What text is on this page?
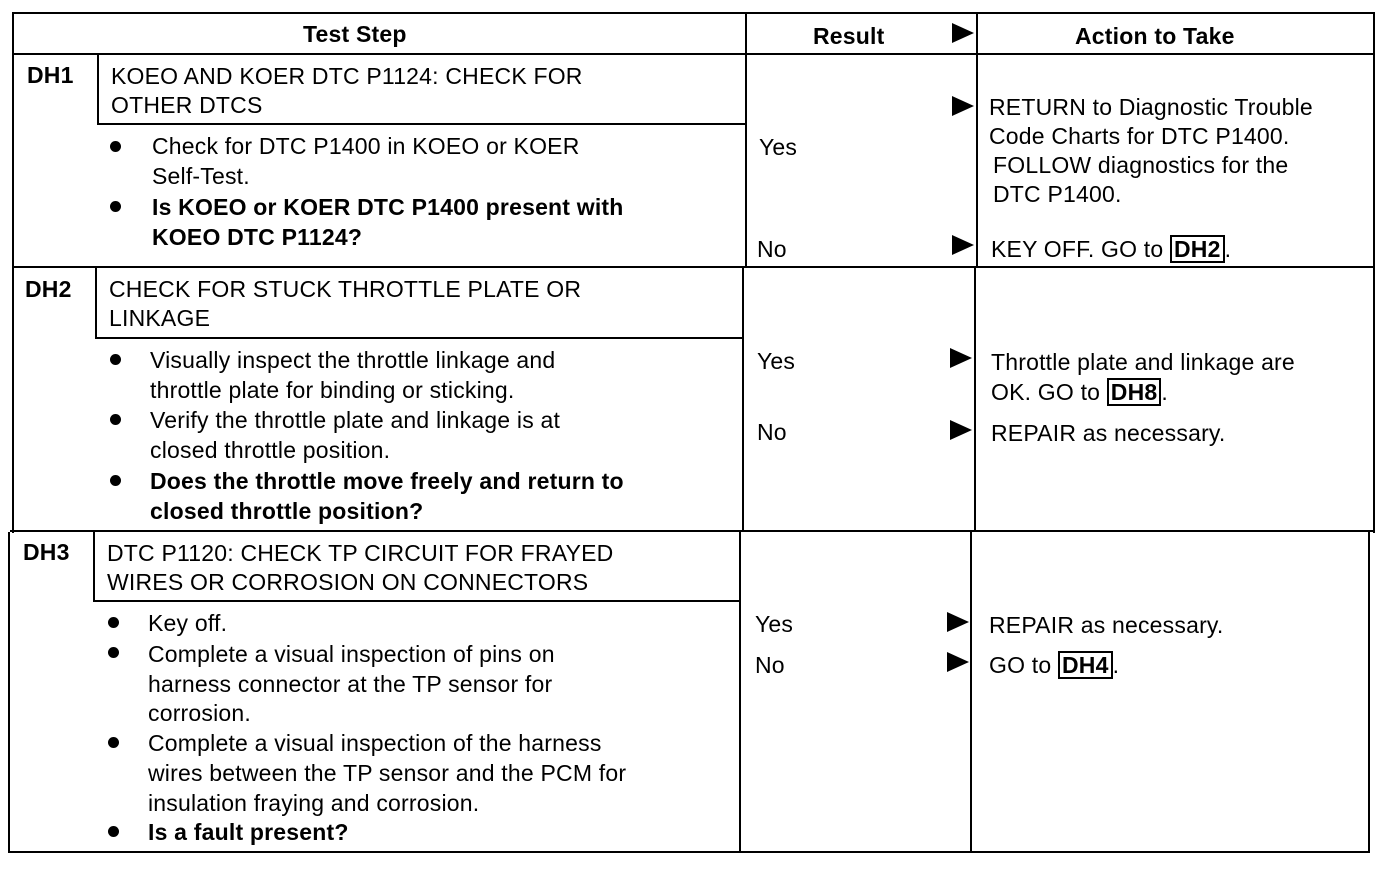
Test Step	Result	Action to Take
DH1 KOEO AND KOER DTC P1124: CHECK FOR
OTHER DTCS
Check for DTC P1400 in KOEO or KOER
Self-Test.
Is KOEO or KOER DTC P1400 present with
KOEO DTC P1124?
Yes
No
RETURN to Diagnostic Trouble
Code Charts for DTC P1400.
FOLLOW diagnostics for the
DTC P1400.
KEY OFF. GO to DH2 .
DH2 CHECK FOR STUCK THROTTLE PLATE OR
LINKAGE
Visually inspect the throttle linkage and
throttle plate for binding or sticking.
Verify the throttle plate and linkage is at
closed throttle position.
Does the throttle move freely and return to
closed throttle position?
Yes
No
Throttle plate and linkage are
OK. GO to DH8 .
REPAIR as necessary.
DH3 DTC P1120: CHECK TP CIRCUIT FOR FRAYED
WIRES OR CORROSION ON CONNECTORS
Key off.
Complete a visual inspection of pins on
harness connector at the TP sensor for
corrosion.
Complete a visual inspection of the harness
wires between the TP sensor and the PCM for
insulation fraying and corrosion.
Is a fault present?
Yes
No
REPAIR as necessary.
GO to DH4 .
